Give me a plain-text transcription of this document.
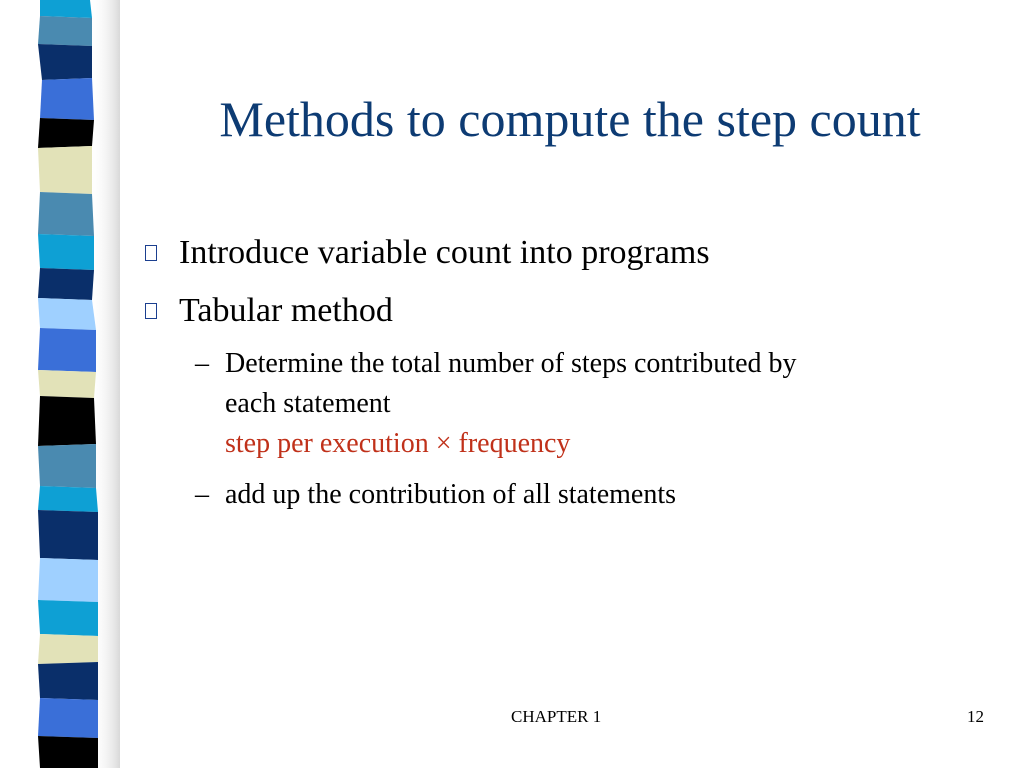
Methods to compute the step count
Introduce variable count into programs
Tabular method
– Determine the total number of steps contributed by
each statement
step per execution × frequency
– add up the contribution of all statements
CHAPTER 1	12
